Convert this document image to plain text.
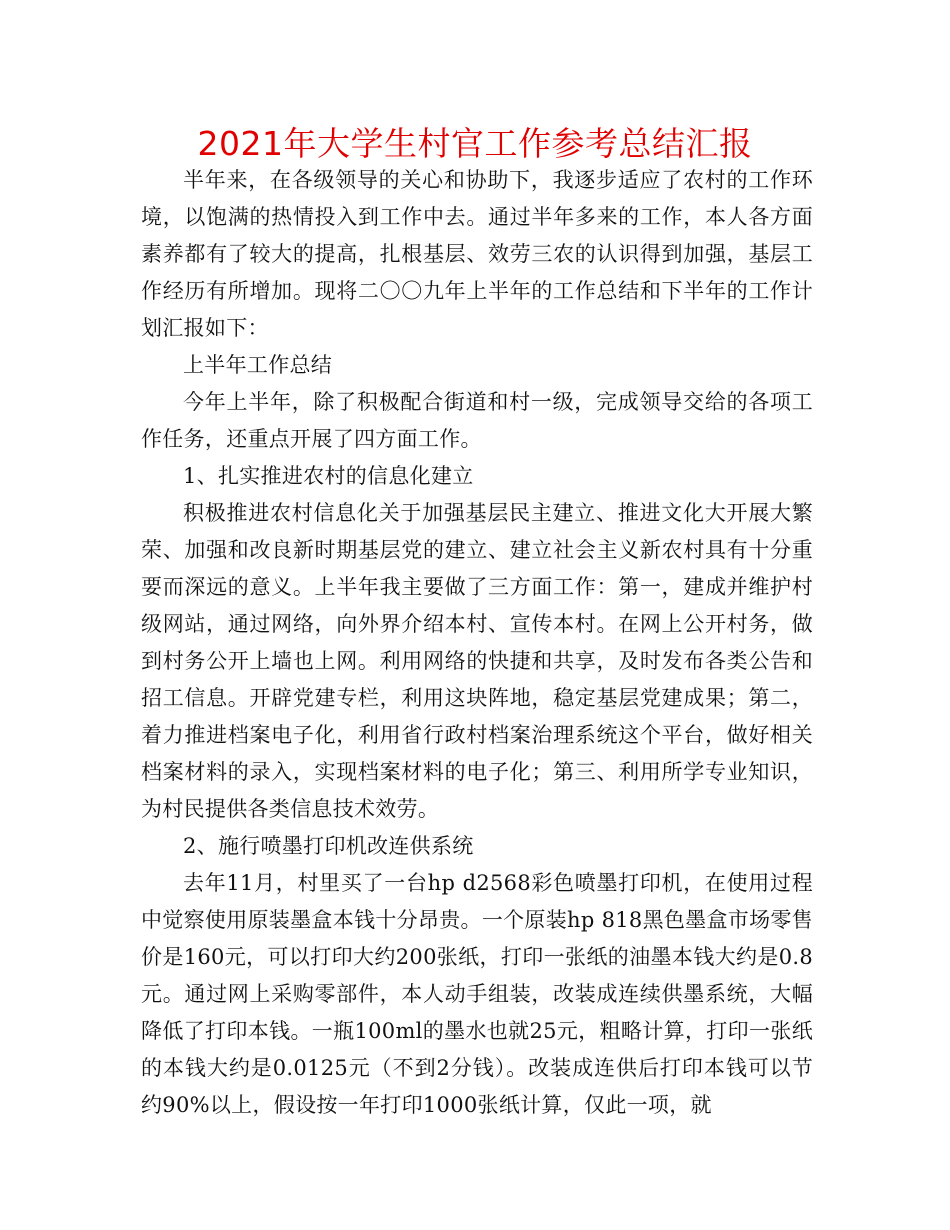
2021年大学生村官工作参考总结汇报

半年来，在各级领导的关心和协助下，我逐步适应了农村的工作环境，以饱满的热情投入到工作中去。通过半年多来的工作，本人各方面素养都有了较大的提高，扎根基层、效劳三农的认识得到加强，基层工作经历有所增加。现将二〇〇九年上半年的工作总结和下半年的工作计划汇报如下：

上半年工作总结

今年上半年，除了积极配合街道和村一级，完成领导交给的各项工作任务，还重点开展了四方面工作。

1、扎实推进农村的信息化建立

积极推进农村信息化关于加强基层民主建立、推进文化大开展大繁荣、加强和改良新时期基层党的建立、建立社会主义新农村具有十分重要而深远的意义。上半年我主要做了三方面工作：第一，建成并维护村级网站，通过网络，向外界介绍本村、宣传本村。在网上公开村务，做到村务公开上墙也上网。利用网络的快捷和共享，及时发布各类公告和招工信息。开辟党建专栏，利用这块阵地，稳定基层党建成果；第二，着力推进档案电子化，利用省行政村档案治理系统这个平台，做好相关档案材料的录入，实现档案材料的电子化；第三、利用所学专业知识，为村民提供各类信息技术效劳。

2、施行喷墨打印机改连供系统

去年11月，村里买了一台hp d2568彩色喷墨打印机，在使用过程中觉察使用原装墨盒本钱十分昂贵。一个原装hp 818黑色墨盒市场零售价是160元，可以打印大约200张纸，打印一张纸的油墨本钱大约是0.8元。通过网上采购零部件，本人动手组装，改装成连续供墨系统，大幅降低了打印本钱。一瓶100ml的墨水也就25元，粗略计算，打印一张纸的本钱大约是0.0125元（不到2分钱）。改装成连供后打印本钱可以节约90%以上，假设按一年打印1000张纸计算，仅此一项，就
